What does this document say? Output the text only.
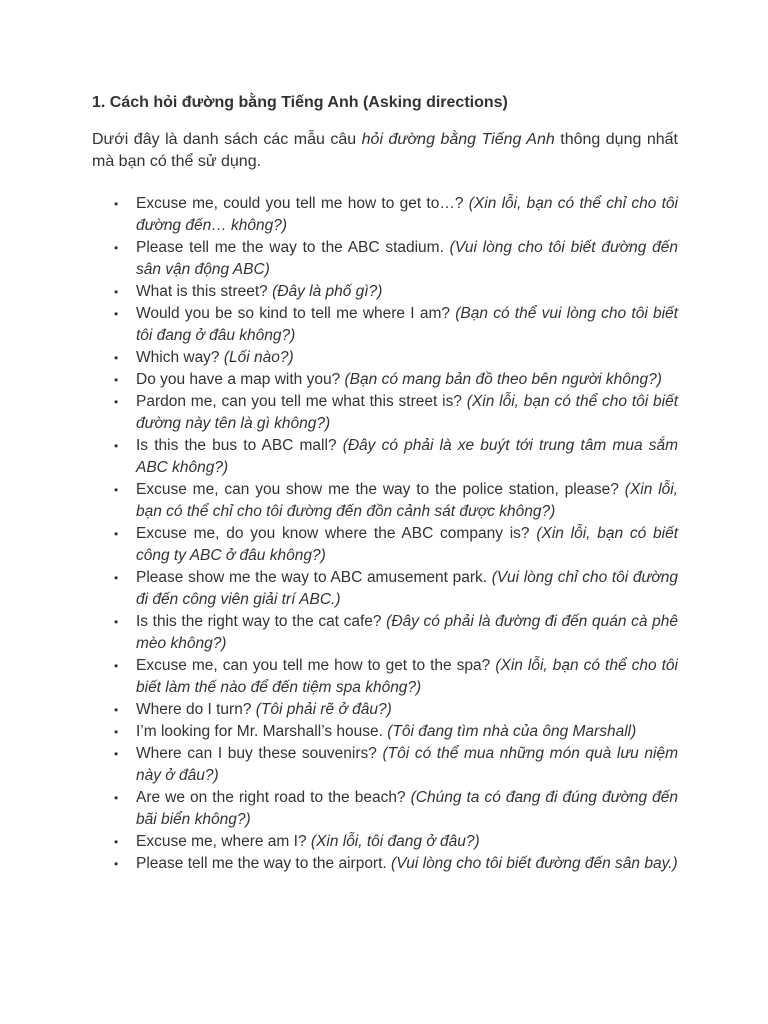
1. Cách hỏi đường bằng Tiếng Anh (Asking directions)

Dưới đây là danh sách các mẫu câu hỏi đường bằng Tiếng Anh thông dụng nhất mà bạn có thể sử dụng.

• Excuse me, could you tell me how to get to…? (Xin lỗi, bạn có thể chỉ cho tôi đường đến… không?)
• Please tell me the way to the ABC stadium. (Vui lòng cho tôi biết đường đến sân vận động ABC)
• What is this street? (Đây là phố gì?)
• Would you be so kind to tell me where I am? (Bạn có thể vui lòng cho tôi biết tôi đang ở đâu không?)
• Which way? (Lối nào?)
• Do you have a map with you? (Bạn có mang bản đồ theo bên người không?)
• Pardon me, can you tell me what this street is? (Xin lỗi, bạn có thể cho tôi biết đường này tên là gì không?)
• Is this the bus to ABC mall? (Đây có phải là xe buýt tới trung tâm mua sắm ABC không?)
• Excuse me, can you show me the way to the police station, please? (Xin lỗi, bạn có thể chỉ cho tôi đường đến đồn cảnh sát được không?)
• Excuse me, do you know where the ABC company is? (Xin lỗi, bạn có biết công ty ABC ở đâu không?)
• Please show me the way to ABC amusement park. (Vui lòng chỉ cho tôi đường đi đến công viên giải trí ABC.)
• Is this the right way to the cat cafe? (Đây có phải là đường đi đến quán cà phê mèo không?)
• Excuse me, can you tell me how to get to the spa? (Xin lỗi, bạn có thể cho tôi biết làm thế nào để đến tiệm spa không?)
• Where do I turn? (Tôi phải rẽ ở đâu?)
• I’m looking for Mr. Marshall’s house. (Tôi đang tìm nhà của ông Marshall)
• Where can I buy these souvenirs? (Tôi có thể mua những món quà lưu niệm này ở đâu?)
• Are we on the right road to the beach? (Chúng ta có đang đi đúng đường đến bãi biển không?)
• Excuse me, where am I? (Xin lỗi, tôi đang ở đâu?)
• Please tell me the way to the airport. (Vui lòng cho tôi biết đường đến sân bay.)
